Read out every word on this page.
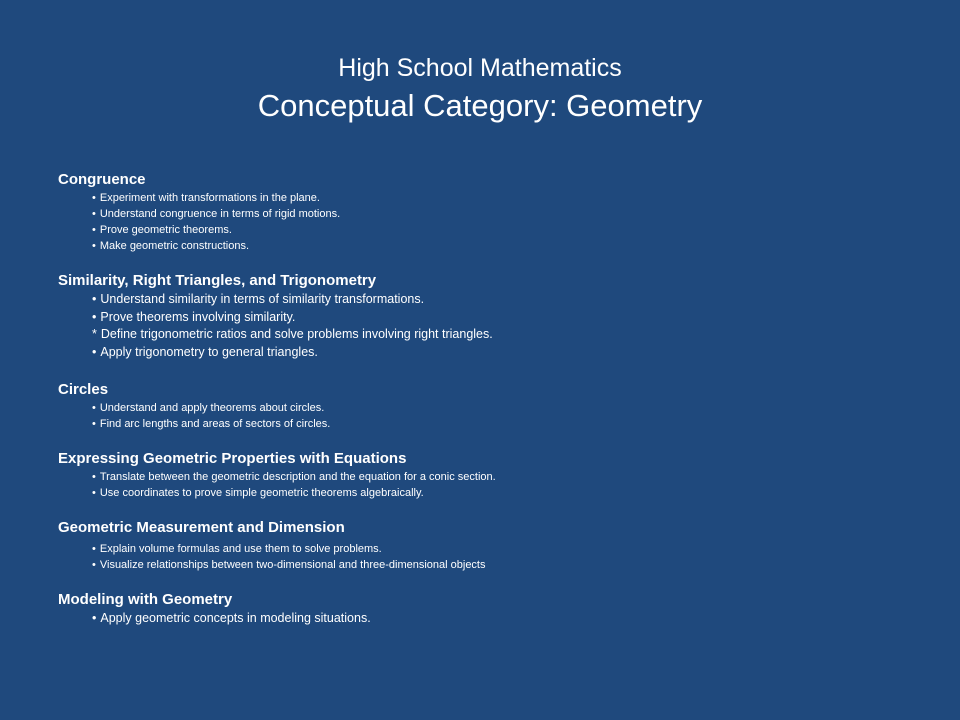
High School Mathematics
Conceptual Category: Geometry
Congruence
• Experiment with transformations in the plane.
• Understand congruence in terms of rigid motions.
• Prove geometric theorems.
• Make geometric constructions.
Similarity, Right Triangles, and Trigonometry
• Understand similarity in terms of similarity transformations.
• Prove theorems involving similarity.
* Define trigonometric ratios and solve problems involving right triangles.
• Apply trigonometry to general triangles.
Circles
• Understand and apply theorems about circles.
• Find arc lengths and areas of sectors of circles.
Expressing Geometric Properties with Equations
• Translate between the geometric description and the equation for a conic section.
• Use coordinates to prove simple geometric theorems algebraically.
Geometric Measurement and Dimension
• Explain volume formulas and use them to solve problems.
• Visualize relationships between two-dimensional and three-dimensional objects
Modeling with Geometry
• Apply geometric concepts in modeling situations.
